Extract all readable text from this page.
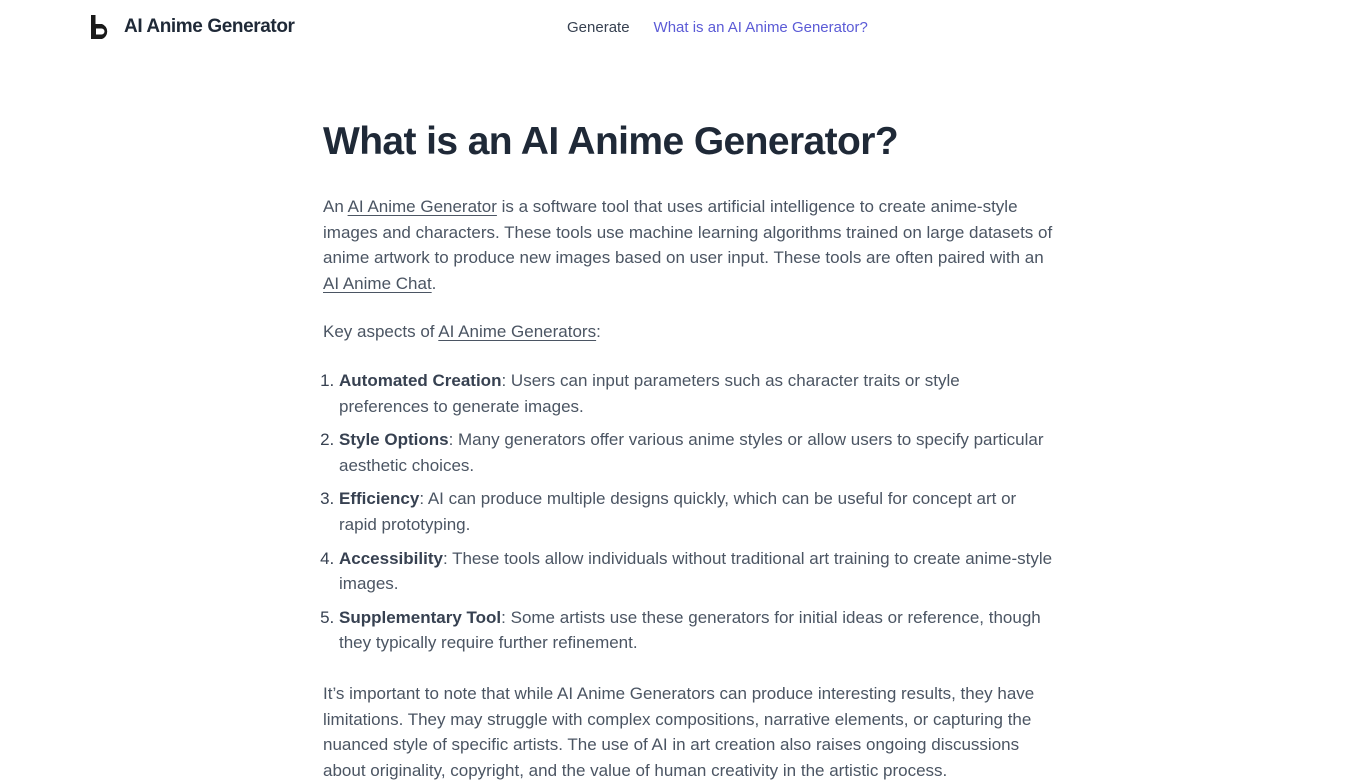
AI Anime Generator	Generate What is an AI Anime Generator?
What is an AI Anime Generator?

An AI Anime Generator is a software tool that uses artificial intelligence to create anime-style images and characters. These tools use machine learning algorithms trained on large datasets of anime artwork to produce new images based on user input. These tools are often paired with an AI Anime Chat.

Key aspects of AI Anime Generators:

1. Automated Creation: Users can input parameters such as character traits or style preferences to generate images.
2. Style Options: Many generators offer various anime styles or allow users to specify particular aesthetic choices.
3. Efficiency: AI can produce multiple designs quickly, which can be useful for concept art or rapid prototyping.
4. Accessibility: These tools allow individuals without traditional art training to create anime-style images.
5. Supplementary Tool: Some artists use these generators for initial ideas or reference, though they typically require further refinement.

It’s important to note that while AI Anime Generators can produce interesting results, they have limitations. They may struggle with complex compositions, narrative elements, or capturing the nuanced style of specific artists. The use of AI in art creation also raises ongoing discussions about originality, copyright, and the value of human creativity in the artistic process.
